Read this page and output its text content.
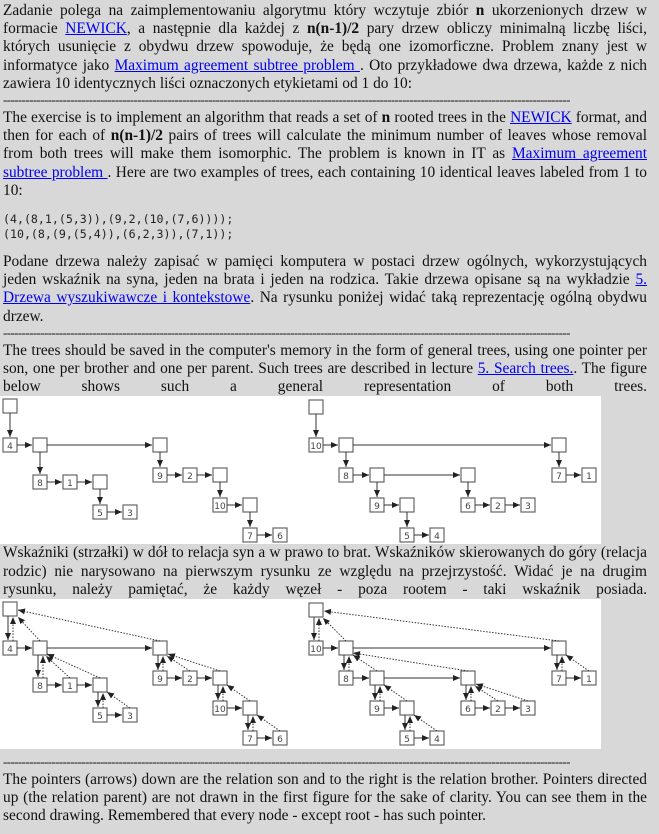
Zadanie polega na zaimplementowaniu algorytmu który wczytuje zbiór n ukorzenionych drzew w formacie NEWICK, a następnie dla każdej z n(n-1)/2 pary drzew obliczy minimalną liczbę liści, których usunięcie z obydwu drzew spowoduje, że będą one izomorficzne. Problem znany jest w informatyce jako Maximum agreement subtree problem . Oto przykładowe dwa drzewa, każde z nich zawiera 10 identycznych liści oznaczonych etykietami od 1 do 10:

--------------------------------------------------------------------------------------------------------------------------------------------------------

The exercise is to implement an algorithm that reads a set of n rooted trees in the NEWICK format, and then for each of n(n-1)/2 pairs of trees will calculate the minimum number of leaves whose removal from both trees will make them isomorphic. The problem is known in IT as Maximum agreement subtree problem . Here are two examples of trees, each containing 10 identical leaves labeled from 1 to 10:

(4,(8,1,(5,3)),(9,2,(10,(7,6))));
(10,(8,(9,(5,4)),(6,2,3)),(7,1));

Podane drzewa należy zapisać w pamięci komputera w postaci drzew ogólnych, wykorzystujących jeden wskaźnik na syna, jeden na brata i jeden na rodzica. Takie drzewa opisane są na wykładzie 5. Drzewa wyszukiwawcze i kontekstowe. Na rysunku poniżej widać taką reprezentację ogólną obydwu drzew.

--------------------------------------------------------------------------------------------------------------------------------------------------------

The trees should be saved in the computer's memory in the form of general trees, using one pointer per son, one per brother and one per parent. Such trees are described in lecture 5. Search trees.. The figure below shows such a general representation of both trees.

4
8	1
5	3
9	2
10
7	6
10
8
9
5	4
6	2	3
7	1

Wskaźniki (strzałki) w dół to relacja syn a w prawo to brat. Wskaźników skierowanych do góry (relacja rodzic) nie narysowano na pierwszym rysunku ze względu na przejrzystość. Widać je na drugim rysunku, należy pamiętać, że każdy węzeł - poza rootem - taki wskaźnik posiada.

4
8	1
5	3
9	2
10
7	6
10
8
9
5	4
6	2	3
7	1
--------------------------------------------------------------------------------------------------------------------------------------------------------

The pointers (arrows) down are the relation son and to the right is the relation brother. Pointers directed up (the relation parent) are not drawn in the first figure for the sake of clarity. You can see them in the second drawing. Remembered that every node - except root - has such pointer.
